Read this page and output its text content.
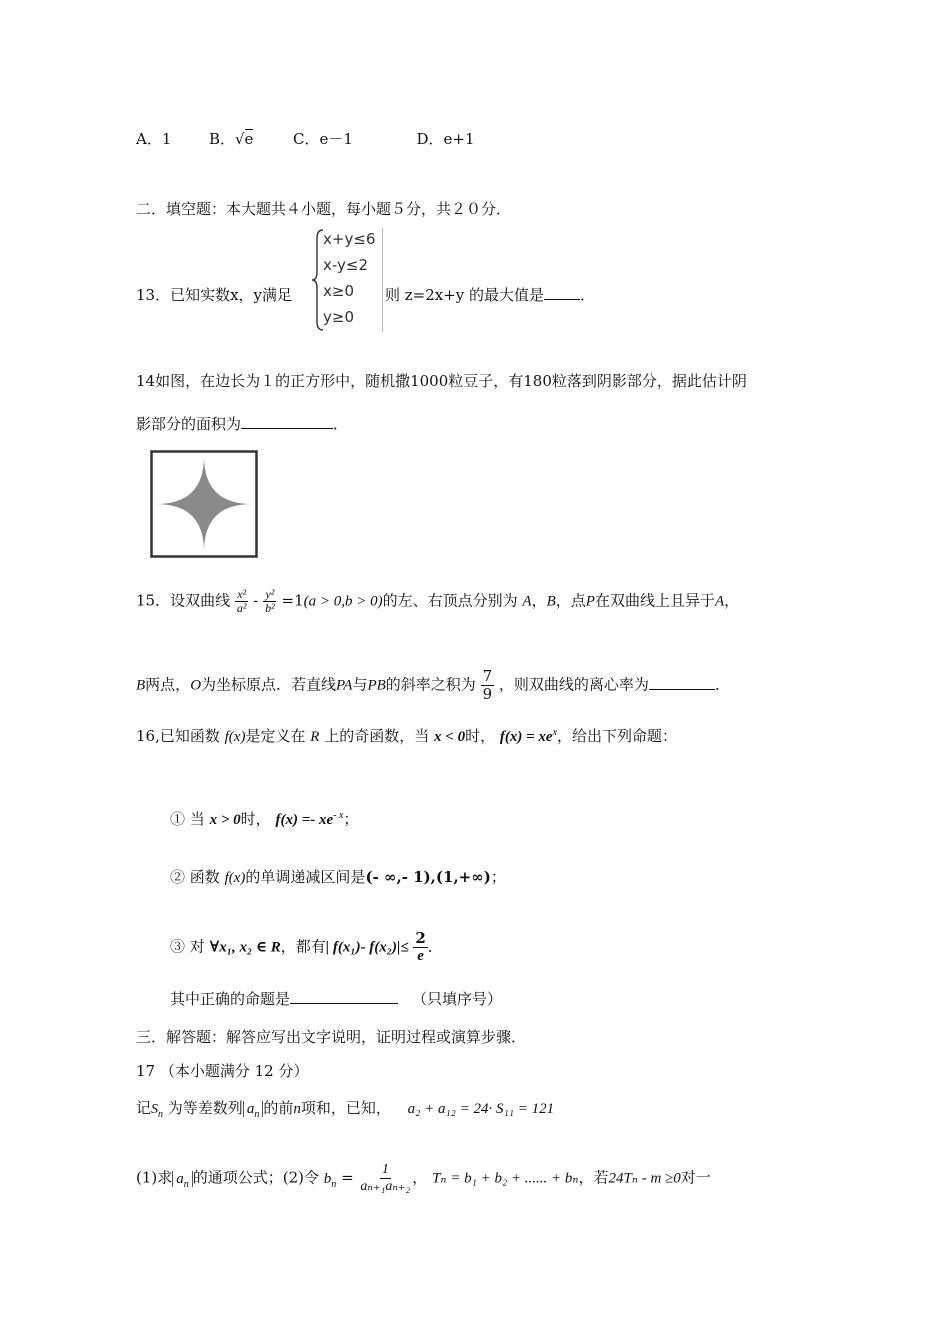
A．1	B．√e	C．e－1	D．e+1
二．填空题：本大题共４小题，每小题５分，共２０分．
13．已知实数x，y满足
x+y≤6
x-y≤2
x≥0
y≥0
则 z=2x+y 的最大值是 ．
14如图，在边长为１的正方形中，随机撒1000粒豆子，有180粒落到阴影部分，据此估计阴
影部分的面积为	．
15．设双曲线 $\frac{\text{x²}}{\text{a²}} - \frac{\text{y²}}{\text{b²}} =1(a > 0,b > 0)$的左、右顶点分别为 A，B，点P在双曲线上且异于A，
B两点，O为坐标原点．若直线PA与PB的斜率之积为 $\frac{7}{9}$ ，则双曲线的离心率为	．
16,已知函数 f(x)是定义在 R 上的奇函数，当 x < 0时， $f(x) = xe^x$，给出下列命题：
① 当 x > 0时， $f(x) =- xe^{- x}$；
② 函数 f(x)的单调递减区间是(- ∞,- 1),(1,+∞)；
③ 对 ∀x₁, x₂ ∈ R，都有| f(x₁)- $f(x_2)|\le \frac{2}{e}$ ．
其中正确的命题是	（只填序号）
三．解答题：解答应写出文字说明，证明过程或演算步骤．
17 （本小题满分 12 分）
记$S_n$ 为等差数列 $a_n$ 的前n项和，已知， a₂ + a₁₂ = 24· S₁₁ = 121
(1)求 $a_n$ 的通项公式；(2)令 $b_n = \frac{1}{\text{aₙ₊₁aₙ₊₂}}$ ， Tₙ = b₁ + b₂ + ...... + bₙ，若24Tₙ - m ≥0对一
